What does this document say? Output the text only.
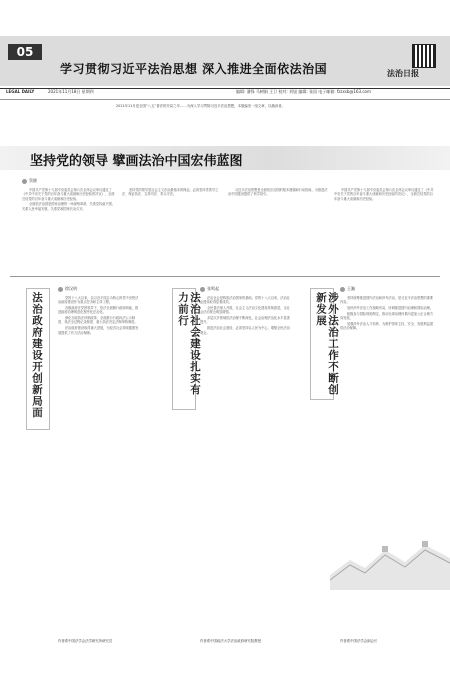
05
学习贯彻习近平法治思想 深入推进全面依法治国	法治日报
LEGAL DAILY	2021年11月18日 星期四	编辑: 潘锋 马树娟 王卫 校对: 刘旭 编辑: 张国 电子邮箱: fzzxsb@163.com
2021年11月是全国“八五”普法的开局之年……为深入学习贯彻习近平法治思想，本版编发一组文章，以飨读者。
坚持党的领导 擘画法治中国宏伟蓝图
蔡健

中国共产党第十九届中央委员会第六次全体会议审议通过了《中共中央关于党的百年奋斗重大成就和历史经验的决议》，全面总结党的百年奋斗重大成就和历史经验。

全面依法治国是国家治理的一场深刻革命，关系党执政兴国，关系人民幸福安康，关系党和国家长治久安。

坚持党的领导是社会主义法治最根本的保证。必须坚持党领导立法、保证执法、支持司法、带头守法。

习近平法治思想是全面依法治国的根本遵循和行动指南，为推进法治中国建设提供了科学指引。

中国共产党第十九届中央委员会第六次全体会议审议通过了《中共中央关于党的百年奋斗重大成就和历史经验的决议》，全面总结党的百年奋斗重大成就和历史经验。

法治政府建设开创新局面
徐汉明

党的十八大以来，以习近平同志为核心的党中央把法治政府建设作为重点任务和主体工程。

各级政府在党的领导下，依法全面履行政府职能，推进政府治理规范化程序化法治化。

深化行政执法体制改革，全面推行行政执法公示制度、执法全过程记录制度、重大执法决定法制审核制度。

法治政府建设取得重大进展，为经济社会持续健康发展提供了有力法治保障。

作者系中国法学会法学研究所研究员
法治社会建设扎实有力前行
张鸣起

法治社会是构筑法治国家的基础。党的十八大以来，法治社会建设取得显著成效。

全民普法深入开展，社会主义法治文化建设持续推进，全社会法治观念明显增强。

多层次多领域依法治理不断深化，社会治理法治化水平显著提升。

推进法治社会建设，必须坚持以人民为中心，增强全民法治观念。

作者系中国政法大学法治政府研究院教授
涉外法治工作不断创新发展
王瀚

坚持统筹推进国内法治和涉外法治，是习近平法治思想的重要内容。

加快涉外法治工作战略布局，协调推进国内治理和国际治理。

积极参与国际规则制定，推动全球治理体系向更加公正合理方向发展。

加强涉外法治人才培养，为维护国家主权、安全、发展利益提供法治保障。

作者系中国法学会副会长
